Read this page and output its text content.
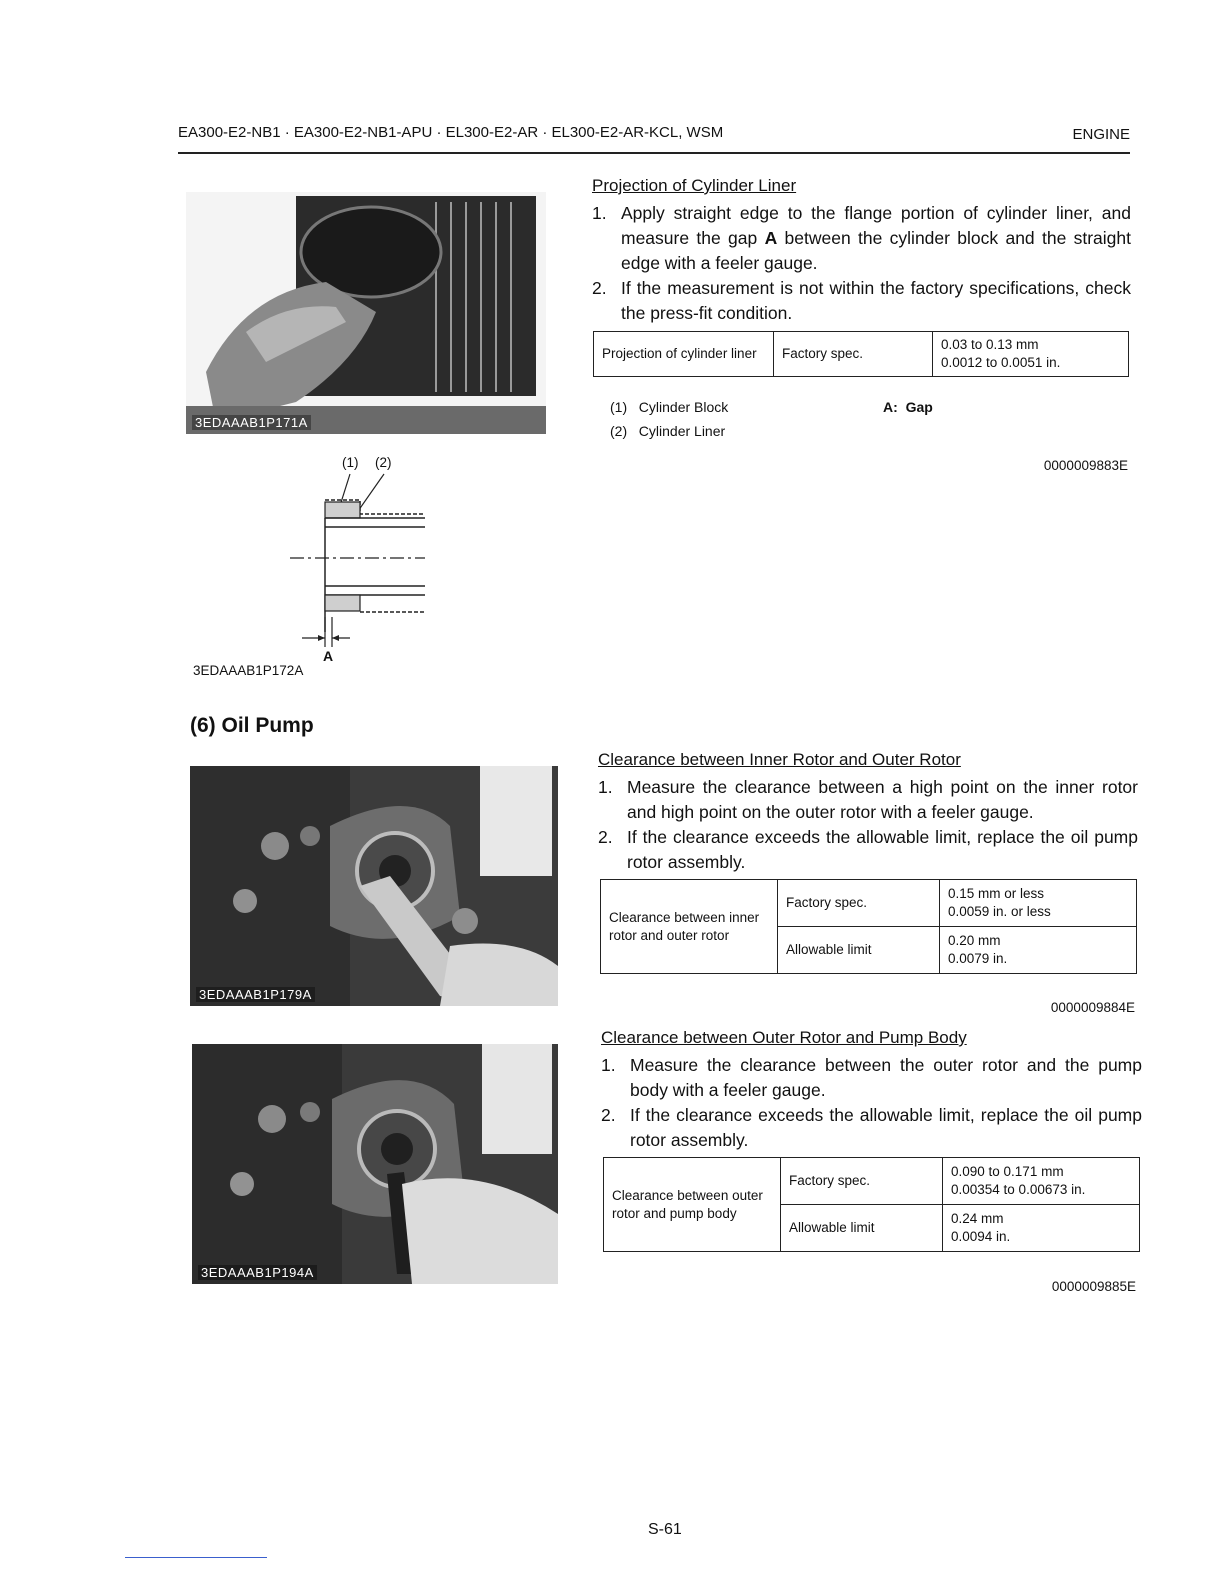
EA300-E2-NB1 · EA300-E2-NB1-APU · EL300-E2-AR · EL300-E2-AR-KCL, WSM	ENGINE
3EDAAAB1P171A
(1) (2)
A
3EDAAAB1P172A
Projection of Cylinder Liner
1. Apply straight edge to the flange portion of cylinder liner, and measure the gap A between the cylinder block and the straight edge with a feeler gauge.
2. If the measurement is not within the factory specifications, check the press-fit condition.
Projection of cylinder liner	Factory spec.	
0.03 to 0.13 mm
0.0012 to 0.0051 in.
(1) Cylinder Block
(2) Cylinder Liner
A: Gap
0000009883E
(6) Oil Pump
3EDAAAB1P179A
Clearance between Inner Rotor and Outer Rotor
1. Measure the clearance between a high point on the inner rotor and high point on the outer rotor with a feeler gauge.
2. If the clearance exceeds the allowable limit, replace the oil pump rotor assembly.
Clearance between inner rotor and outer rotor	Factory spec.	0.15 mm or less
0.0059 in. or less

	Allowable limit	0.20 mm
0.0079 in.
0000009884E
3EDAAAB1P194A
Clearance between Outer Rotor and Pump Body
1. Measure the clearance between the outer rotor and the pump body with a feeler gauge.
2. If the clearance exceeds the allowable limit, replace the oil pump rotor assembly.
Clearance between outer rotor and pump body	Factory spec.	0.090 to 0.171 mm
0.00354 to 0.00673 in.

	Allowable limit	0.24 mm
0.0094 in.
0000009885E
S-61
